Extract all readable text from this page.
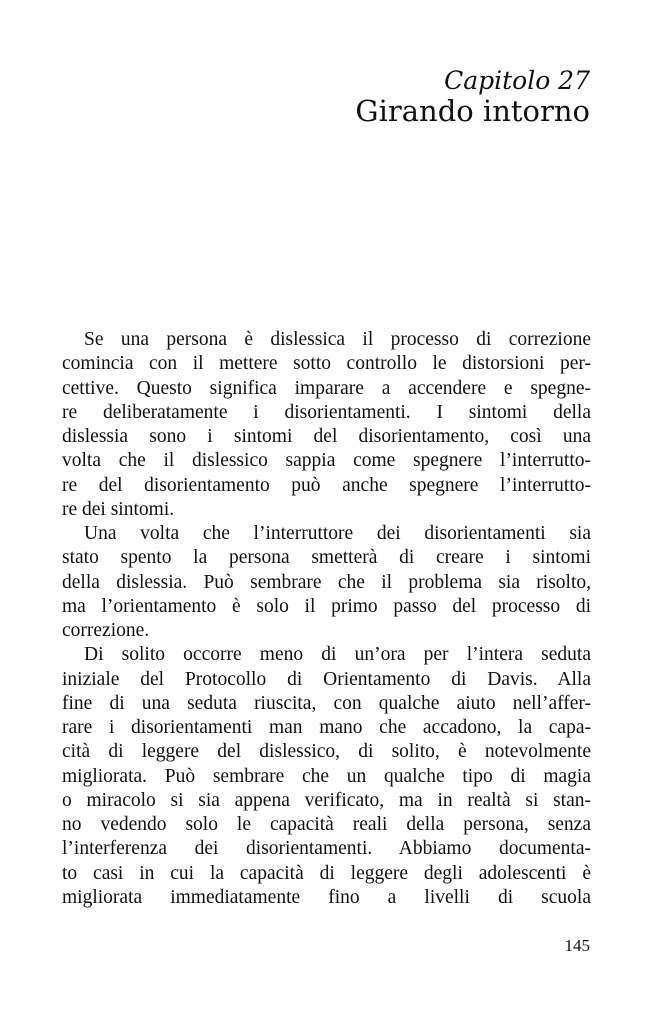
Capitolo 27
Girando intorno
Se una persona è dislessica il processo di correzione
comincia con il mettere sotto controllo le distorsioni per-
cettive. Questo significa imparare a accendere e spegne-
re deliberatamente i disorientamenti. I sintomi della
dislessia sono i sintomi del disorientamento, così una
volta che il dislessico sappia come spegnere l’interrutto-
re del disorientamento può anche spegnere l’interrutto-
re dei sintomi.
Una volta che l’interruttore dei disorientamenti sia
stato spento la persona smetterà di creare i sintomi
della dislessia. Può sembrare che il problema sia risolto,
ma l’orientamento è solo il primo passo del processo di
correzione.
Di solito occorre meno di un’ora per l’intera seduta
iniziale del Protocollo di Orientamento di Davis. Alla
fine di una seduta riuscita, con qualche aiuto nell’affer-
rare i disorientamenti man mano che accadono, la capa-
cità di leggere del dislessico, di solito, è notevolmente
migliorata. Può sembrare che un qualche tipo di magia
o miracolo si sia appena verificato, ma in realtà si stan-
no vedendo solo le capacità reali della persona, senza
l’interferenza dei disorientamenti. Abbiamo documenta-
to casi in cui la capacità di leggere degli adolescenti è
migliorata immediatamente fino a livelli di scuola
145
